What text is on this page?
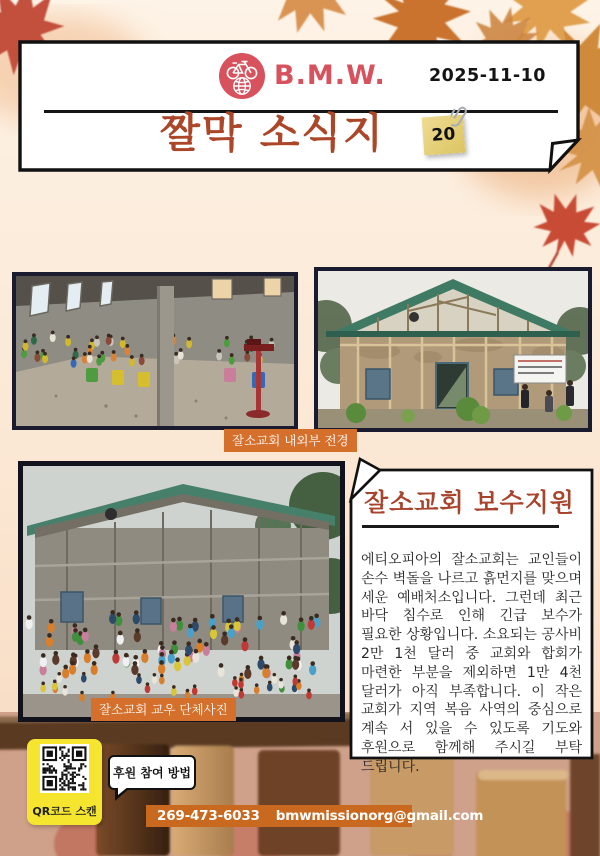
B.M.W. 2025-11-10
짤막 소식지	20
잘소교회 내외부 전경
잘소교회 교우 단체사진
잘소교회 보수지원

에티오피아의 잘소교회는 교인들이 손수 벽돌을 나르고 흙먼지를 맞으며 세운 예배처소입니다. 그런데 최근 바닥 침수로 인해 긴급 보수가 필요한 상황입니다. 소요되는 공사비 2만 1천 달러 중 교회와 합회가 마련한 부분을 제외하면 1만 4천 달러가 아직 부족합니다. 이 작은 교회가 지역 복음 사역의 중심으로 계속 서 있을 수 있도록 기도와 후원으로 함께해 주시길 부탁 드립니다.

QR코드 스캔
후원 참여 방법
269-473-6033 bmwmissionorg@gmail.com
